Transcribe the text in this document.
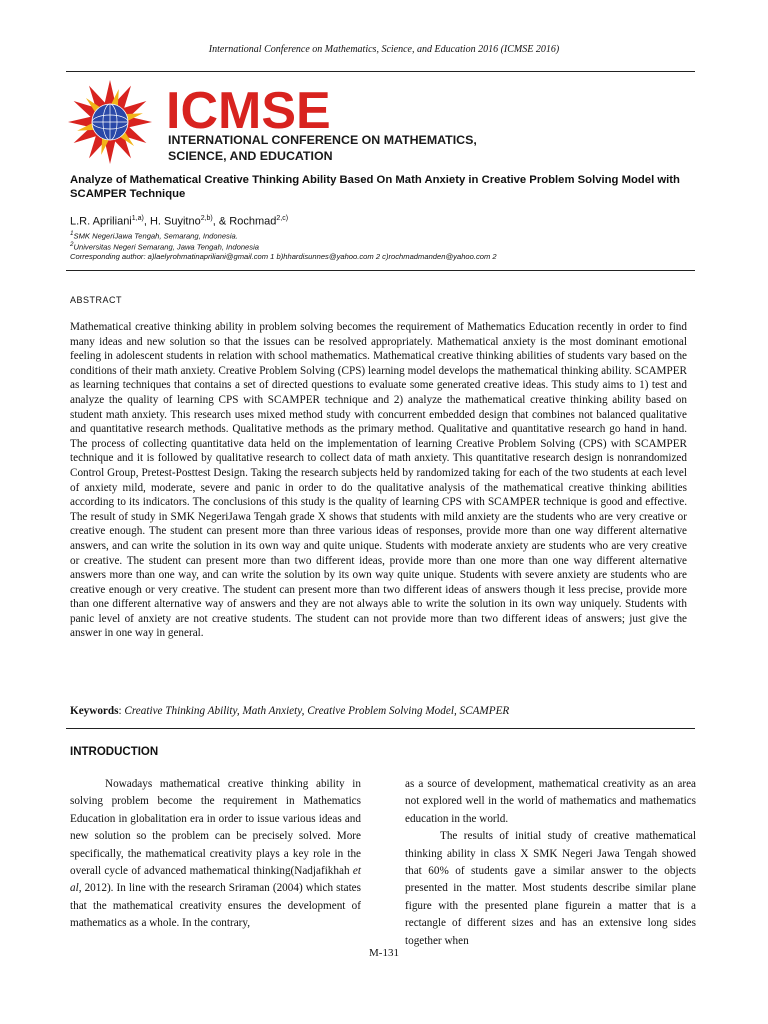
International Conference on Mathematics, Science, and Education 2016 (ICMSE 2016)
ICMSE
INTERNATIONAL CONFERENCE ON MATHEMATICS,
SCIENCE, AND EDUCATION
Analyze of Mathematical Creative Thinking Ability Based On Math Anxiety in Creative Problem Solving Model with SCAMPER Technique
L.R. Apriliani$^{1,a)}$, H. Suyitno$^{2,b)}$, & Rochmad$^{2,c)}$
$^1$SMK NegeriJawa Tengah, Semarang, Indonesia.
$^2$Universitas Negeri Semarang, Jawa Tengah, Indonesia
Corresponding author: a)laelyrohmatinapriliani@gmail.com 1 b)hhardisunnes@yahoo.com 2 c)rochmadmanden@yahoo.com 2
ABSTRACT
Mathematical creative thinking ability in problem solving becomes the requirement of Mathematics Education recently in order to find many ideas and new solution so that the issues can be resolved appropriately. Mathematical anxiety is the most dominant emotional feeling in adolescent students in relation with school mathematics. Mathematical creative thinking abilities of students vary based on the conditions of their math anxiety. Creative Problem Solving (CPS) learning model develops the mathematical thinking ability. SCAMPER as learning techniques that contains a set of directed questions to evaluate some generated creative ideas. This study aims to 1) test and analyze the quality of learning CPS with SCAMPER technique and 2) analyze the mathematical creative thinking ability based on student math anxiety. This research uses mixed method study with concurrent embedded design that combines not balanced qualitative and quantitative research methods. Qualitative methods as the primary method. Qualitative and quantitative research go hand in hand. The process of collecting quantitative data held on the implementation of learning Creative Problem Solving (CPS) with SCAMPER technique and it is followed by qualitative research to collect data of math anxiety. This quantitative research design is nonrandomized Control Group, Pretest-Posttest Design. Taking the research subjects held by randomized taking for each of the two students at each level of anxiety mild, moderate, severe and panic in order to do the qualitative analysis of the mathematical creative thinking abilities according to its indicators. The conclusions of this study is the quality of learning CPS with SCAMPER technique is good and effective. The result of study in SMK NegeriJawa Tengah grade X shows that students with mild anxiety are the students who are very creative or creative enough. The student can present more than three various ideas of responses, provide more than one way different alternative answers, and can write the solution in its own way and quite unique. Students with moderate anxiety are students who are very creative or creative. The student can present more than two different ideas, provide more than one more than one way different alternative answers more than one way, and can write the solution by its own way quite unique. Students with severe anxiety are students who are creative enough or very creative. The student can present more than two different ideas of answers though it less precise, provide more than one different alternative way of answers and they are not always able to write the solution in its own way uniquely. Students with panic level of anxiety are not creative students. The student can not provide more than two different ideas of answers; just give the answer in one way in general.
Keywords: Creative Thinking Ability, Math Anxiety, Creative Problem Solving Model, SCAMPER
INTRODUCTION

Nowadays mathematical creative thinking ability in solving problem become the requirement in Mathematics Education in globalitation era in order to issue various ideas and new solution so the problem can be precisely solved. More specifically, the mathematical creativity plays a key role in the overall cycle of advanced mathematical thinking(Nadjafikhah et al, 2012). In line with the research Sriraman (2004) which states that the mathematical creativity ensures the development of mathematics as a whole. In the contrary,

as a source of development, mathematical creativity as an area not explored well in the world of mathematics and mathematics education in the world.

The results of initial study of creative mathematical thinking ability in class X SMK Negeri Jawa Tengah showed that 60% of students gave a similar answer to the objects presented in the matter. Most students describe similar plane figure with the presented plane figurein a matter that is a rectangle of different sizes and has an extensive long sides together when

M-131
